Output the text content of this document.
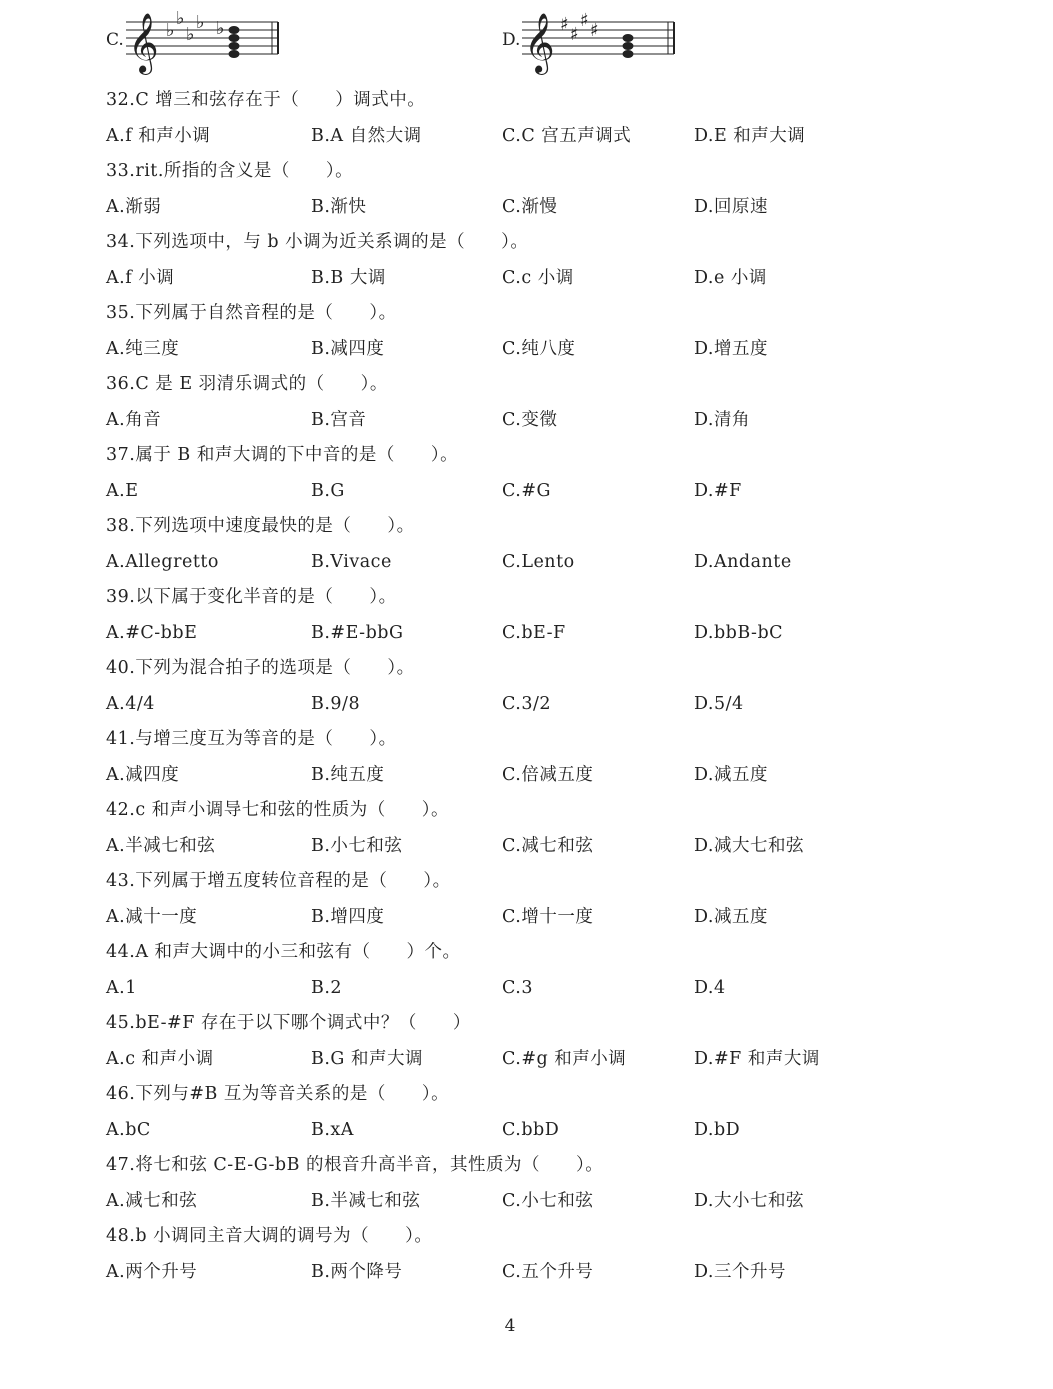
C. 𝄞 ♭
♭
♭
♭ ♭
D. 𝄞 ♯ ♯
♯ ♯
32.C 增三和弦存在于（　　）调式中。
A.f 和声小调	B.A 自然大调	C.C 宫五声调式	D.E 和声大调
33.rit.所指的含义是（　　）。
A.渐弱	B.渐快	C.渐慢	D.回原速
34.下列选项中，与 b 小调为近关系调的是（　　）。
A.f 小调	B.B 大调	C.c 小调	D.e 小调
35.下列属于自然音程的是（　　）。
A.纯三度	B.减四度	C.纯八度	D.增五度
36.C 是 E 羽清乐调式的（　　）。
A.角音	B.宫音	C.变徵	D.清角
37.属于 B 和声大调的下中音的是（　　）。
A.E	B.G	C.#G	D.#F
38.下列选项中速度最快的是（　　）。
A.Allegretto	B.Vivace	C.Lento	D.Andante
39.以下属于变化半音的是（　　）。
A.#C-bbE	B.#E-bbG	C.bE-F	D.bbB-bC
40.下列为混合拍子的选项是（　　）。
A.4/4	B.9/8	C.3/2	D.5/4
41.与增三度互为等音的是（　　）。
A.减四度	B.纯五度	C.倍减五度	D.减五度
42.c 和声小调导七和弦的性质为（　　）。
A.半减七和弦	B.小七和弦	C.减七和弦	D.减大七和弦
43.下列属于增五度转位音程的是（　　）。
A.减十一度	B.增四度	C.增十一度	D.减五度
44.A 和声大调中的小三和弦有（　　）个。
A.1	B.2	C.3	D.4
45.bE-#F 存在于以下哪个调式中？（　　）
A.c 和声小调	B.G 和声大调	C.#g 和声小调	D.#F 和声大调
46.下列与#B 互为等音关系的是（　　）。
A.bC	B.xA	C.bbD	D.bD
47.将七和弦 C-E-G-bB 的根音升高半音，其性质为（　　）。
A.减七和弦	B.半减七和弦	C.小七和弦	D.大小七和弦
48.b 小调同主音大调的调号为（　　）。
A.两个升号	B.两个降号	C.五个升号	D.三个升号
4
